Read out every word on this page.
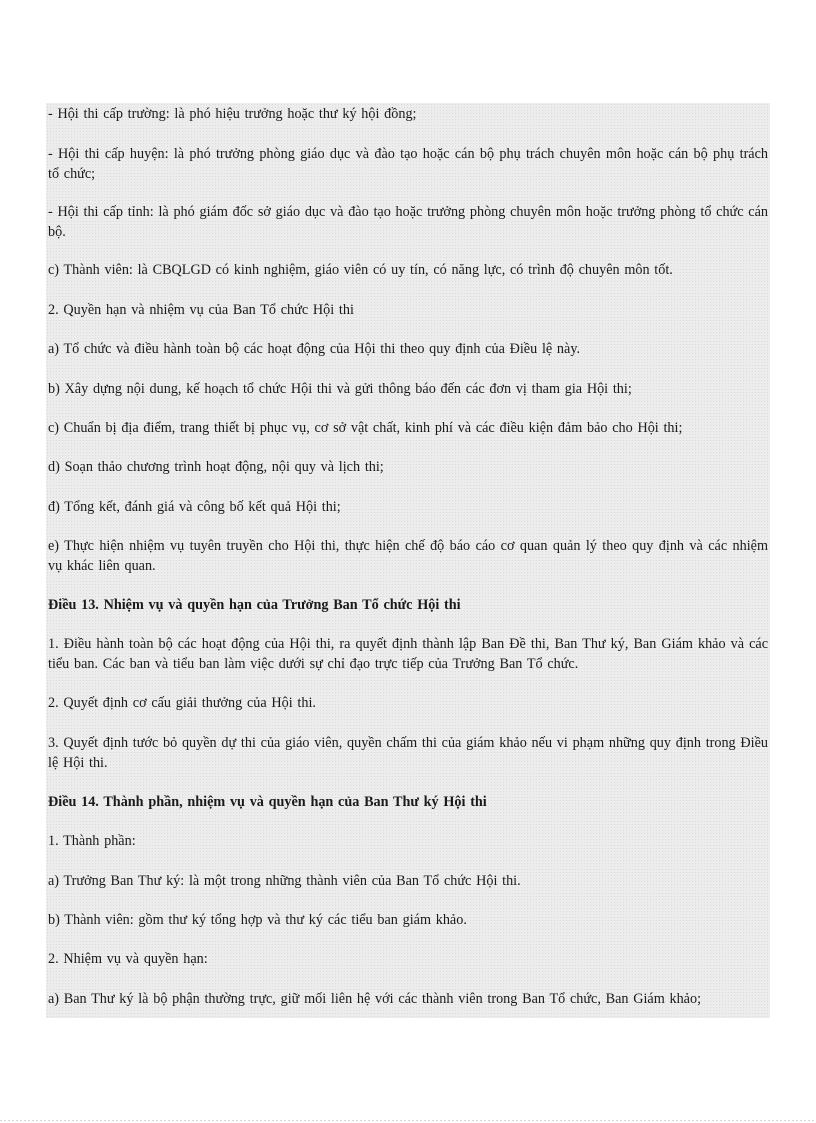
- Hội thi cấp trường: là phó hiệu trưởng hoặc thư ký hội đồng;

- Hội thi cấp huyện: là phó trưởng phòng giáo dục và đào tạo hoặc cán bộ phụ trách chuyên môn hoặc cán bộ phụ trách tổ chức;

- Hội thi cấp tỉnh: là phó giám đốc sở giáo dục và đào tạo hoặc trưởng phòng chuyên môn hoặc trưởng phòng tổ chức cán bộ.

c) Thành viên: là CBQLGD có kinh nghiệm, giáo viên có uy tín, có năng lực, có trình độ chuyên môn tốt.

2. Quyền hạn và nhiệm vụ của Ban Tổ chức Hội thi

a) Tổ chức và điều hành toàn bộ các hoạt động của Hội thi theo quy định của Điều lệ này.

b) Xây dựng nội dung, kế hoạch tổ chức Hội thi và gửi thông báo đến các đơn vị tham gia Hội thi;

c) Chuẩn bị địa điểm, trang thiết bị phục vụ, cơ sở vật chất, kinh phí và các điều kiện đảm bảo cho Hội thi;

d) Soạn thảo chương trình hoạt động, nội quy và lịch thi;

đ) Tổng kết, đánh giá và công bố kết quả Hội thi;

e) Thực hiện nhiệm vụ tuyên truyền cho Hội thi, thực hiện chế độ báo cáo cơ quan quản lý theo quy định và các nhiệm vụ khác liên quan.

Điều 13. Nhiệm vụ và quyền hạn của Trưởng Ban Tổ chức Hội thi

1. Điều hành toàn bộ các hoạt động của Hội thi, ra quyết định thành lập Ban Đề thi, Ban Thư ký, Ban Giám khảo và các tiểu ban. Các ban và tiểu ban làm việc dưới sự chỉ đạo trực tiếp của Trưởng Ban Tổ chức.

2. Quyết định cơ cấu giải thưởng của Hội thi.

3. Quyết định tước bỏ quyền dự thi của giáo viên, quyền chấm thi của giám khảo nếu vi phạm những quy định trong Điều lệ Hội thi.

Điều 14. Thành phần, nhiệm vụ và quyền hạn của Ban Thư ký Hội thi

1. Thành phần:

a) Trưởng Ban Thư ký: là một trong những thành viên của Ban Tổ chức Hội thi.

b) Thành viên: gồm thư ký tổng hợp và thư ký các tiểu ban giám khảo.

2. Nhiệm vụ và quyền hạn:

a) Ban Thư ký là bộ phận thường trực, giữ mối liên hệ với các thành viên trong Ban Tổ chức, Ban Giám khảo;
